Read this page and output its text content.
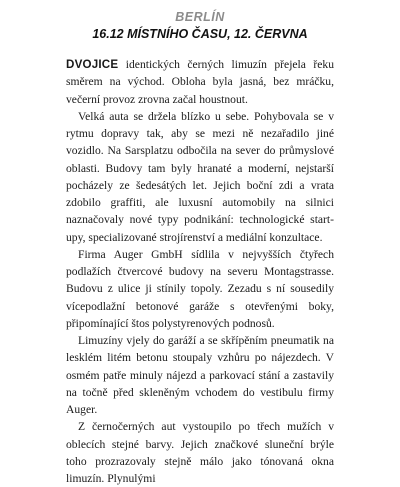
BERLÍN
16.12 MÍSTNÍHO ČASU, 12. ČERVNA

DVOJICE identických černých limuzín přejela řeku směrem na východ. Obloha byla jasná, bez mráčku, večerní provoz zrovna začal houstnout.

Velká auta se držela blízko u sebe. Pohybovala se v rytmu dopravy tak, aby se mezi ně nezařadilo jiné vozidlo. Na Sarsplatzu odbočila na sever do průmyslové oblasti. Budovy tam byly hranaté a moderní, nejstarší pocházely ze šedesátých let. Jejich boční zdi a vrata zdobilo graffiti, ale luxusní automobily na silnici naznačovaly nové typy podnikání: technologické start-upy, specializované strojírenství a mediální konzultace.

Firma Auger GmbH sídlila v nejvyšších čtyřech podlažích čtvercové budovy na severu Montagstrasse. Budovu z ulice ji stínily topoly. Zezadu s ní sousedily vícepodlažní betonové garáže s otevřenými boky, připomínající štos polystyrenových podnosů.

Limuzíny vjely do garáží a se skřípěním pneumatik na lesklém litém betonu stoupaly vzhůru po nájezdech. V osmém patře minuly nájezd a parkovací stání a zastavily na točně před skleněným vchodem do vestibulu firmy Auger.

Z černočerných aut vystoupilo po třech mužích v oblecích stejné barvy. Jejich značkové sluneční brýle toho prozrazovaly stejně málo jako tónovaná okna limuzín. Plynulými
